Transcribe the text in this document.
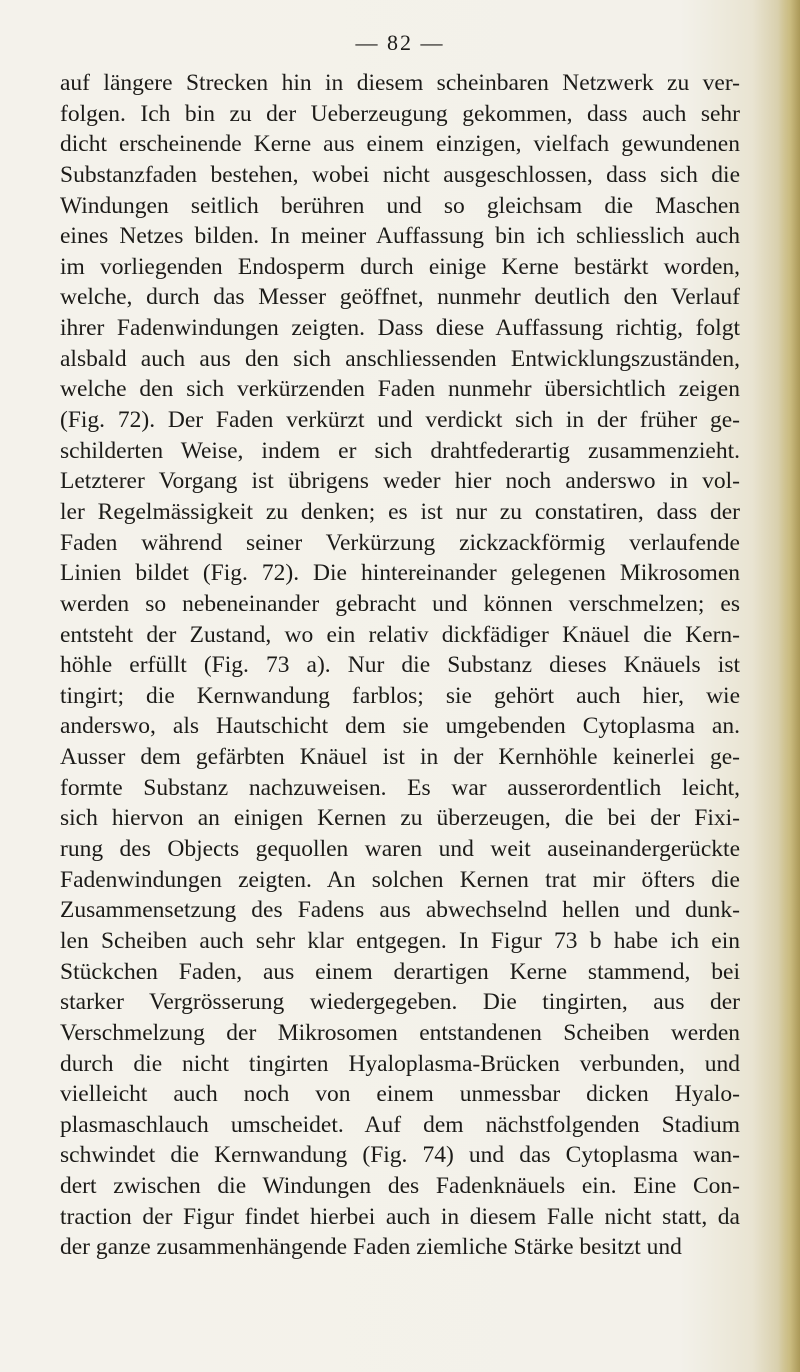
— 82 —
auf längere Strecken hin in diesem scheinbaren Netzwerk zu ver-
folgen. Ich bin zu der Ueberzeugung gekommen, dass auch sehr
dicht erscheinende Kerne aus einem einzigen, vielfach gewundenen
Substanzfaden bestehen, wobei nicht ausgeschlossen, dass sich die
Windungen seitlich berühren und so gleichsam die Maschen
eines Netzes bilden. In meiner Auffassung bin ich schliesslich auch
im vorliegenden Endosperm durch einige Kerne bestärkt worden,
welche, durch das Messer geöffnet, nunmehr deutlich den Verlauf
ihrer Fadenwindungen zeigten. Dass diese Auffassung richtig, folgt
alsbald auch aus den sich anschliessenden Entwicklungszuständen,
welche den sich verkürzenden Faden nunmehr übersichtlich zeigen
(Fig. 72). Der Faden verkürzt und verdickt sich in der früher ge-
schilderten Weise, indem er sich drahtfederartig zusammenzieht.
Letzterer Vorgang ist übrigens weder hier noch anderswo in vol-
ler Regelmässigkeit zu denken; es ist nur zu constatiren, dass der
Faden während seiner Verkürzung zickzackförmig verlaufende
Linien bildet (Fig. 72). Die hintereinander gelegenen Mikrosomen
werden so nebeneinander gebracht und können verschmelzen; es
entsteht der Zustand, wo ein relativ dickfädiger Knäuel die Kern-
höhle erfüllt (Fig. 73 a). Nur die Substanz dieses Knäuels ist
tingirt; die Kernwandung farblos; sie gehört auch hier, wie
anderswo, als Hautschicht dem sie umgebenden Cytoplasma an.
Ausser dem gefärbten Knäuel ist in der Kernhöhle keinerlei ge-
formte Substanz nachzuweisen. Es war ausserordentlich leicht,
sich hiervon an einigen Kernen zu überzeugen, die bei der Fixi-
rung des Objects gequollen waren und weit auseinandergerückte
Fadenwindungen zeigten. An solchen Kernen trat mir öfters die
Zusammensetzung des Fadens aus abwechselnd hellen und dunk-
len Scheiben auch sehr klar entgegen. In Figur 73 b habe ich ein
Stückchen Faden, aus einem derartigen Kerne stammend, bei
starker Vergrösserung wiedergegeben. Die tingirten, aus der
Verschmelzung der Mikrosomen entstandenen Scheiben werden
durch die nicht tingirten Hyaloplasma-Brücken verbunden, und
vielleicht auch noch von einem unmessbar dicken Hyalo-
plasmaschlauch umscheidet. Auf dem nächstfolgenden Stadium
schwindet die Kernwandung (Fig. 74) und das Cytoplasma wan-
dert zwischen die Windungen des Fadenknäuels ein. Eine Con-
traction der Figur findet hierbei auch in diesem Falle nicht statt, da
der ganze zusammenhängende Faden ziemliche Stärke besitzt und
